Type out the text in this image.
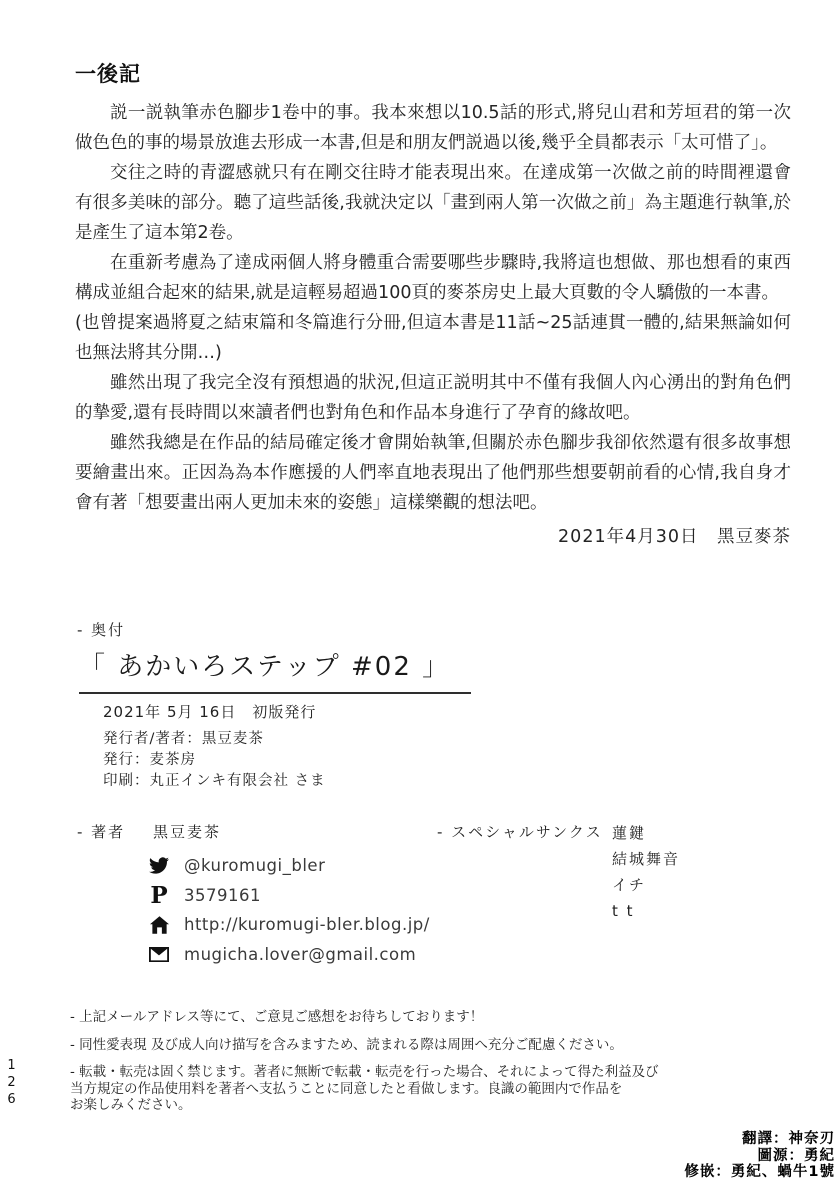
一後記

説一説執筆赤色腳步1卷中的事。我本來想以10.5話的形式,將兒山君和芳垣君的第一次做色色的事的場景放進去形成一本書,但是和朋友們説過以後,幾乎全員都表示「太可惜了」。

交往之時的青澀感就只有在剛交往時才能表現出來。在達成第一次做之前的時間裡還會有很多美味的部分。聽了這些話後,我就決定以「畫到兩人第一次做之前」為主題進行執筆,於是產生了這本第2卷。

在重新考慮為了達成兩個人將身體重合需要哪些步驟時,我將這也想做、那也想看的東西構成並組合起來的結果,就是這輕易超過100頁的麥茶房史上最大頁數的令人驕傲的一本書。

(也曾提案過將夏之結束篇和冬篇進行分冊,但這本書是11話~25話連貫一體的,結果無論如何也無法將其分開…)

雖然出現了我完全沒有預想過的狀況,但這正説明其中不僅有我個人內心湧出的對角色們的摯愛,還有長時間以來讀者們也對角色和作品本身進行了孕育的緣故吧。

雖然我總是在作品的結局確定後才會開始執筆,但關於赤色腳步我卻依然還有很多故事想要繪畫出來。正因為為本作應援的人們率直地表現出了他們那些想要朝前看的心情,我自身才會有著「想要畫出兩人更加未來的姿態」這樣樂觀的想法吧。

2021年4月30日　黑豆麥茶
- 奥付
「 あかいろステップ #02 」
2021年 5月 16日　初版発行
発行者/著者：黒豆麦茶
発行：麦茶房
印刷：丸正インキ有限会社 さま
- 著者 黒豆麦茶
@kuromugi_bler
P 3579161
http://kuromugi-bler.blog.jp/
mugicha.lover@gmail.com
- スペシャルサンクス 蓮鍵
結城舞音
イチ
t t
- 上記メールアドレス等にて、ご意見ご感想をお待ちしております！
- 同性愛表現 及び成人向け描写を含みますため、読まれる際は周囲へ充分ご配慮ください。
- 転載・転売は固く禁じます。著者に無断で転載・転売を行った場合、それによって得た利益及び
当方規定の作品使用料を著者へ支払うことに同意したと看做します。良識の範囲内で作品を
お楽しみください。
翻譯：神奈刃
圖源：勇紀
修嵌：勇紀、蝸牛1號
126
